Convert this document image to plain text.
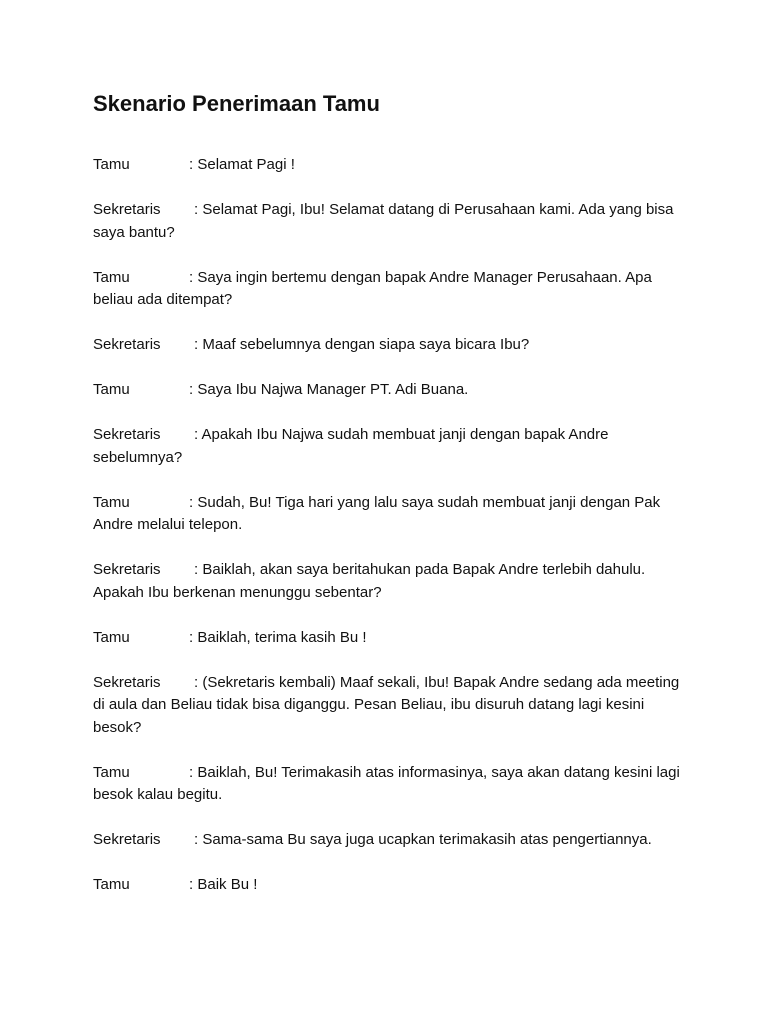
Skenario Penerimaan Tamu

Tamu	: Selamat Pagi !

Sekretaris : Selamat Pagi, Ibu! Selamat datang di Perusahaan kami. Ada yang bisa saya bantu?

Tamu	: Saya ingin bertemu dengan bapak Andre Manager Perusahaan. Apa beliau ada ditempat?

Sekretaris : Maaf sebelumnya dengan siapa saya bicara Ibu?

Tamu	: Saya Ibu Najwa Manager PT. Adi Buana.

Sekretaris : Apakah Ibu Najwa sudah membuat janji dengan bapak Andre sebelumnya?

Tamu	: Sudah, Bu! Tiga hari yang lalu saya sudah membuat janji dengan Pak Andre melalui telepon.

Sekretaris : Baiklah, akan saya beritahukan pada Bapak Andre terlebih dahulu. Apakah Ibu berkenan menunggu sebentar?

Tamu	: Baiklah, terima kasih Bu !

Sekretaris : (Sekretaris kembali) Maaf sekali, Ibu! Bapak Andre sedang ada meeting di aula dan Beliau tidak bisa diganggu. Pesan Beliau, ibu disuruh datang lagi kesini besok?

Tamu	: Baiklah, Bu! Terimakasih atas informasinya, saya akan datang kesini lagi besok kalau begitu.

Sekretaris : Sama-sama Bu saya juga ucapkan terimakasih atas pengertiannya.

Tamu	: Baik Bu !
